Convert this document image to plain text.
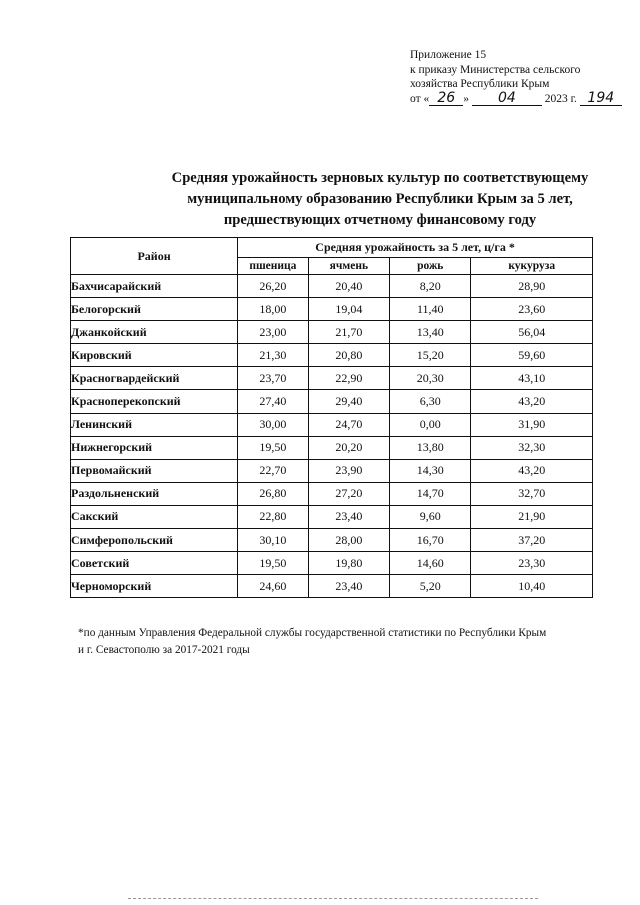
Приложение 15
к приказу Министерства сельского
хозяйства Республики Крым
от « 26 » 04	2023 г. 194
Средняя урожайность зерновых культур по соответствующему
муниципальному образованию Республики Крым за 5 лет,
предшествующих отчетному финансовому году
Район	Средняя урожайность за 5 лет, ц/га *			
	пшеница	ячмень	рожь	кукуруза
Бахчисарайский	26,20	20,40	8,20	28,90
Белогорский	18,00	19,04	11,40	23,60
Джанкойский	23,00	21,70	13,40	56,04
Кировский	21,30	20,80	15,20	59,60
Красногвардейский	23,70	22,90	20,30	43,10
Красноперекопский	27,40	29,40	6,30	43,20
Ленинский	30,00	24,70	0,00	31,90
Нижнегорский	19,50	20,20	13,80	32,30
Первомайский	22,70	23,90	14,30	43,20
Раздольненский	26,80	27,20	14,70	32,70
Сакский	22,80	23,40	9,60	21,90
Симферопольский	30,10	28,00	16,70	37,20
Советский	19,50	19,80	14,60	23,30
Черноморский	24,60	23,40	5,20	10,40
*по данным Управления Федеральной службы государственной статистики по Республики Крым
и г. Севастополю за 2017-2021 годы
